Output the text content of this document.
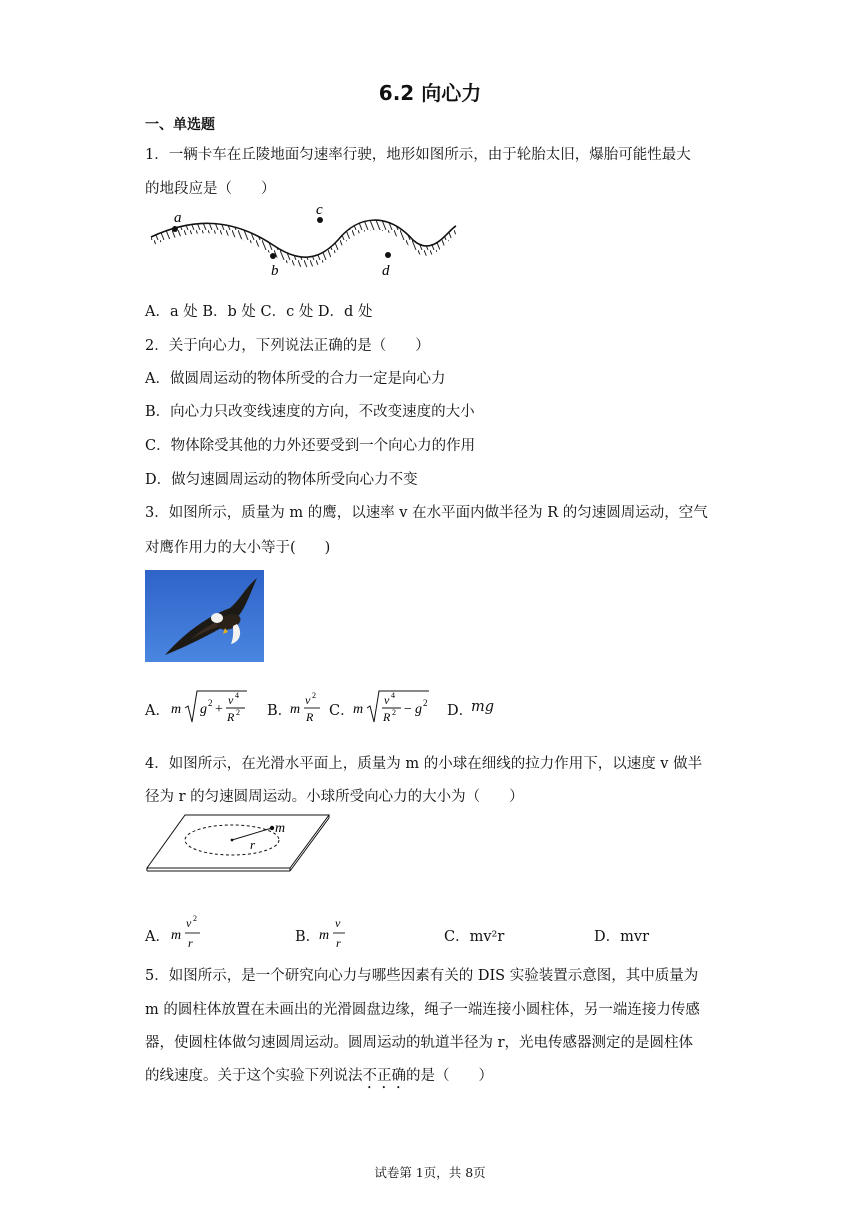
6.2 向心力
一、单选题
1．一辆卡车在丘陵地面匀速率行驶，地形如图所示，由于轮胎太旧，爆胎可能性最大
的地段应是（　　）
a
b
c
d
A．a 处 B．b 处 C．c 处 D．d 处
2．关于向心力，下列说法正确的是（　　）
A．做圆周运动的物体所受的合力一定是向心力
B．向心力只改变线速度的方向，不改变速度的大小
C．物体除受其他的力外还要受到一个向心力的作用
D．做匀速圆周运动的物体所受向心力不变
3．如图所示，质量为 m 的鹰，以速率 v 在水平面内做半径为 R 的匀速圆周运动，空气
对鹰作用力的大小等于(　　)
A． m g 2 +
v 4
R 2 B．
m
v 2
R C．
m
v 4
R 2 − g 2 D．
mg
4．如图所示，在光滑水平面上，质量为 m 的小球在细线的拉力作用下，以速度 v 做半
径为 r 的匀速圆周运动。小球所受向心力的大小为（　　）
m
r
A． m
v 2
r	B．
m
v
r	C．mv²r	D．mvr
5．如图所示，是一个研究向心力与哪些因素有关的 DIS 实验装置示意图，其中质量为
m 的圆柱体放置在未画出的光滑圆盘边缘，绳子一端连接小圆柱体，另一端连接力传感
器，使圆柱体做匀速圆周运动。圆周运动的轨道半径为 r，光电传感器测定的是圆柱体
的线速度。关于这个实验下列说法不正确的是（　　）
试卷第 1页，共 8页
